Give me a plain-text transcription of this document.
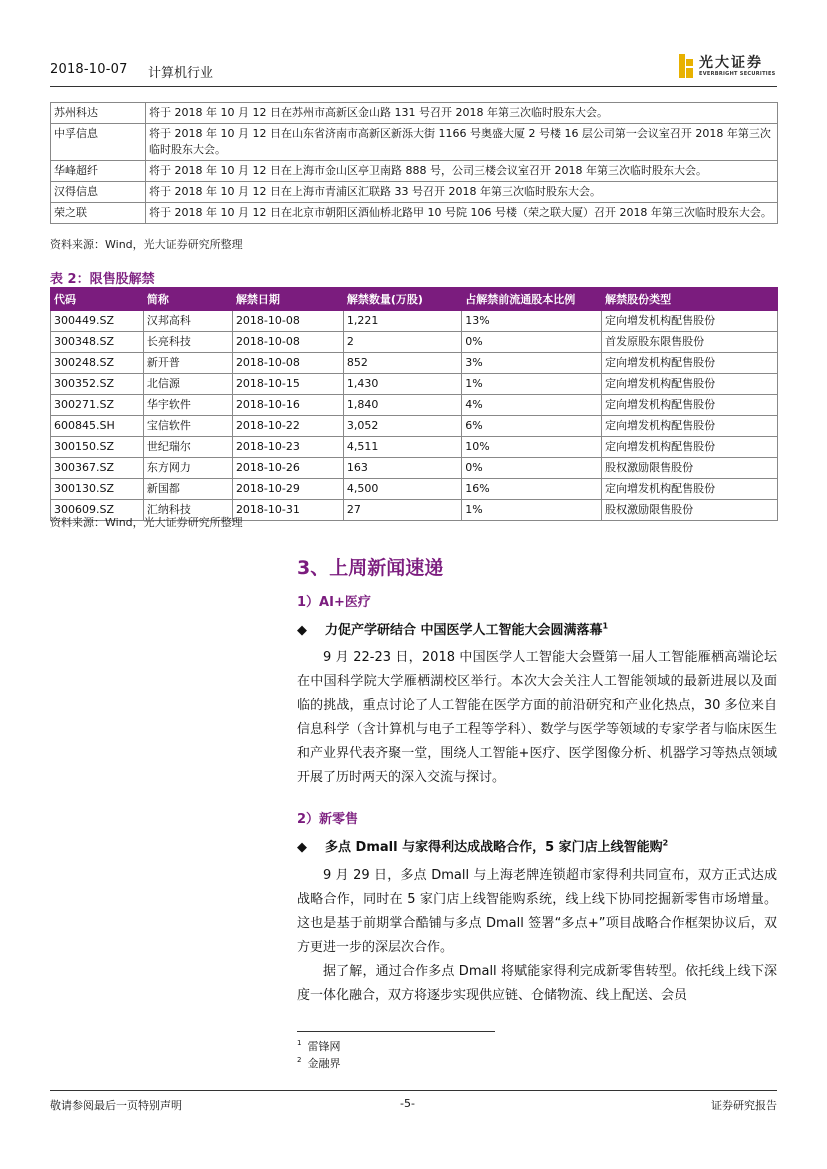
2018-10-07 计算机行业
光大证券
EVERBRIGHT SECURITIES
苏州科达	将于 2018 年 10 月 12 日在苏州市高新区金山路 131 号召开 2018 年第三次临时股东大会。
中孚信息	将于 2018 年 10 月 12 日在山东省济南市高新区新泺大街 1166 号奥盛大厦 2 号楼 16 层公司第一会议室召开 2018 年第三次临时股东大会。
华峰超纤	将于 2018 年 10 月 12 日在上海市金山区亭卫南路 888 号，公司三楼会议室召开 2018 年第三次临时股东大会。
汉得信息	将于 2018 年 10 月 12 日在上海市青浦区汇联路 33 号召开 2018 年第三次临时股东大会。
荣之联	将于 2018 年 10 月 12 日在北京市朝阳区酒仙桥北路甲 10 号院 106 号楼（荣之联大厦）召开 2018 年第三次临时股东大会。
资料来源：Wind，光大证券研究所整理
表 2：限售股解禁
代码	简称	解禁日期	解禁数量(万股)	占解禁前流通股本比例	解禁股份类型
300449.SZ	汉邦高科	2018-10-08	1,221	13%	定向增发机构配售股份
300348.SZ	长亮科技	2018-10-08	2	0%	首发原股东限售股份
300248.SZ	新开普	2018-10-08	852	3%	定向增发机构配售股份
300352.SZ	北信源	2018-10-15	1,430	1%	定向增发机构配售股份
300271.SZ	华宇软件	2018-10-16	1,840	4%	定向增发机构配售股份
600845.SH	宝信软件	2018-10-22	3,052	6%	定向增发机构配售股份
300150.SZ	世纪瑞尔	2018-10-23	4,511	10%	定向增发机构配售股份
300367.SZ	东方网力	2018-10-26	163	0%	股权激励限售股份
300130.SZ	新国都	2018-10-29	4,500	16%	定向增发机构配售股份
300609.SZ	汇纳科技	2018-10-31	27	1%	股权激励限售股份
资料来源：Wind，光大证券研究所整理
3、上周新闻速递
1）AI+医疗
◆ 力促产学研结合 中国医学人工智能大会圆满落幕$^1$
9 月 22-23 日，2018 中国医学人工智能大会暨第一届人工智能雁栖高端论坛在中国科学院大学雁栖湖校区举行。本次大会关注人工智能领域的最新进展以及面临的挑战，重点讨论了人工智能在医学方面的前沿研究和产业化热点，30 多位来自信息科学（含计算机与电子工程等学科）、数学与医学等领域的专家学者与临床医生和产业界代表齐聚一堂，围绕人工智能+医疗、医学图像分析、机器学习等热点领域开展了历时两天的深入交流与探讨。
2）新零售
◆ 多点 Dmall 与家得利达成战略合作，5 家门店上线智能购$^2$
9 月 29 日，多点 Dmall 与上海老牌连锁超市家得利共同宣布，双方正式达成战略合作，同时在 5 家门店上线智能购系统，线上线下协同挖掘新零售市场增量。这也是基于前期掌合酷铺与多点 Dmall 签署“多点+”项目战略合作框架协议后，双方更进一步的深层次合作。
据了解，通过合作多点 Dmall 将赋能家得利完成新零售转型。依托线上线下深度一体化融合，双方将逐步实现供应链、仓储物流、线上配送、会员
$^1$ 雷锋网
$^2$ 金融界
敬请参阅最后一页特别声明	-5-	证券研究报告
